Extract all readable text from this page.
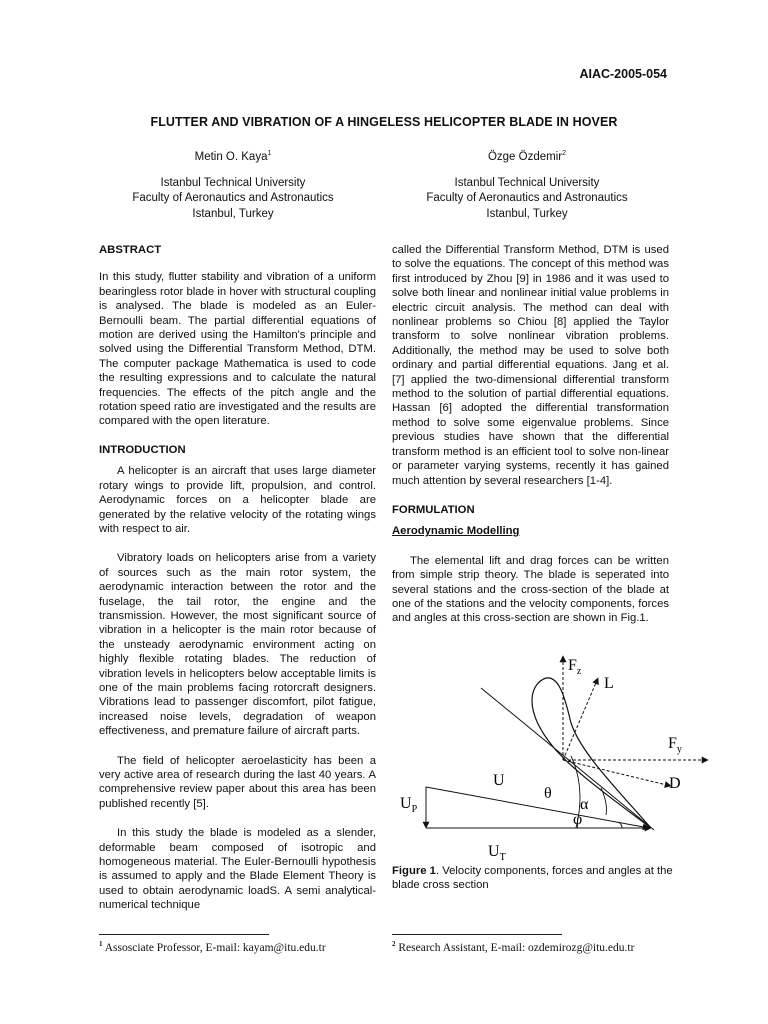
AIAC-2005-054
FLUTTER AND VIBRATION OF A HINGELESS HELICOPTER BLADE IN HOVER
Metin O. Kaya$^1$
Istanbul Technical University
Faculty of Aeronautics and Astronautics
Istanbul, Turkey
Özge Özdemir$^2$
Istanbul Technical University
Faculty of Aeronautics and Astronautics
Istanbul, Turkey
ABSTRACT

In this study, flutter stability and vibration of a uniform bearingless rotor blade in hover with structural coupling is analysed. The blade is modeled as an Euler-Bernoulli beam. The partial differential equations of motion are derived using the Hamilton's principle and solved using the Differential Transform Method, DTM. The computer package Mathematica is used to code the resulting expressions and to calculate the natural frequencies. The effects of the pitch angle and the rotation speed ratio are investigated and the results are compared with the open literature.

INTRODUCTION

A helicopter is an aircraft that uses large diameter rotary wings to provide lift, propulsion, and control. Aerodynamic forces on a helicopter blade are generated by the relative velocity of the rotating wings with respect to air.

Vibratory loads on helicopters arise from a variety of sources such as the main rotor system, the aerodynamic interaction between the rotor and the fuselage, the tail rotor, the engine and the transmission. However, the most significant source of vibration in a helicopter is the main rotor because of the unsteady aerodynamic environment acting on highly flexible rotating blades. The reduction of vibration levels in helicopters below acceptable limits is one of the main problems facing rotorcraft designers. Vibrations lead to passenger discomfort, pilot fatigue, increased noise levels, degradation of weapon effectiveness, and premature failure of aircraft parts.

The field of helicopter aeroelasticity has been a very active area of research during the last 40 years. A comprehensive review paper about this area has been published recently [5].

In this study the blade is modeled as a slender, deformable beam composed of isotropic and homogeneous material. The Euler-Bernoulli hypothesis is assumed to apply and the Blade Element Theory is used to obtain aerodynamic loadS. A semi analytical-numerical technique

called the Differential Transform Method, DTM is used to solve the equations. The concept of this method was first introduced by Zhou [9] in 1986 and it was used to solve both linear and nonlinear initial value problems in electric circuit analysis. The method can deal with nonlinear problems so Chiou [8] applied the Taylor transform to solve nonlinear vibration problems. Additionally, the method may be used to solve both ordinary and partial differential equations. Jang et al. [7] applied the two-dimensional differential transform method to the solution of partial differential equations. Hassan [6] adopted the differential transformation method to solve some eigenvalue problems. Since previous studies have shown that the differential transform method is an efficient tool to solve non-linear or parameter varying systems, recently it has gained much attention by several researchers [1-4].

FORMULATION
Aerodynamic Modelling

The elemental lift and drag forces can be written from simple strip theory. The blade is seperated into several stations and the cross-section of the blade at one of the stations and the velocity components, forces and angles at this cross-section are shown in Fig.1.

$F_z$
L
$F_y$
D
U
θ
α
φ
$U_P$
$U_T$
Figure 1. Velocity components, forces and angles at the blade cross section
$^1$ Assosciate Professor, E-mail: kayam@itu.edu.tr	$^2$ Research Assistant, E-mail: ozdemirozg@itu.edu.tr
